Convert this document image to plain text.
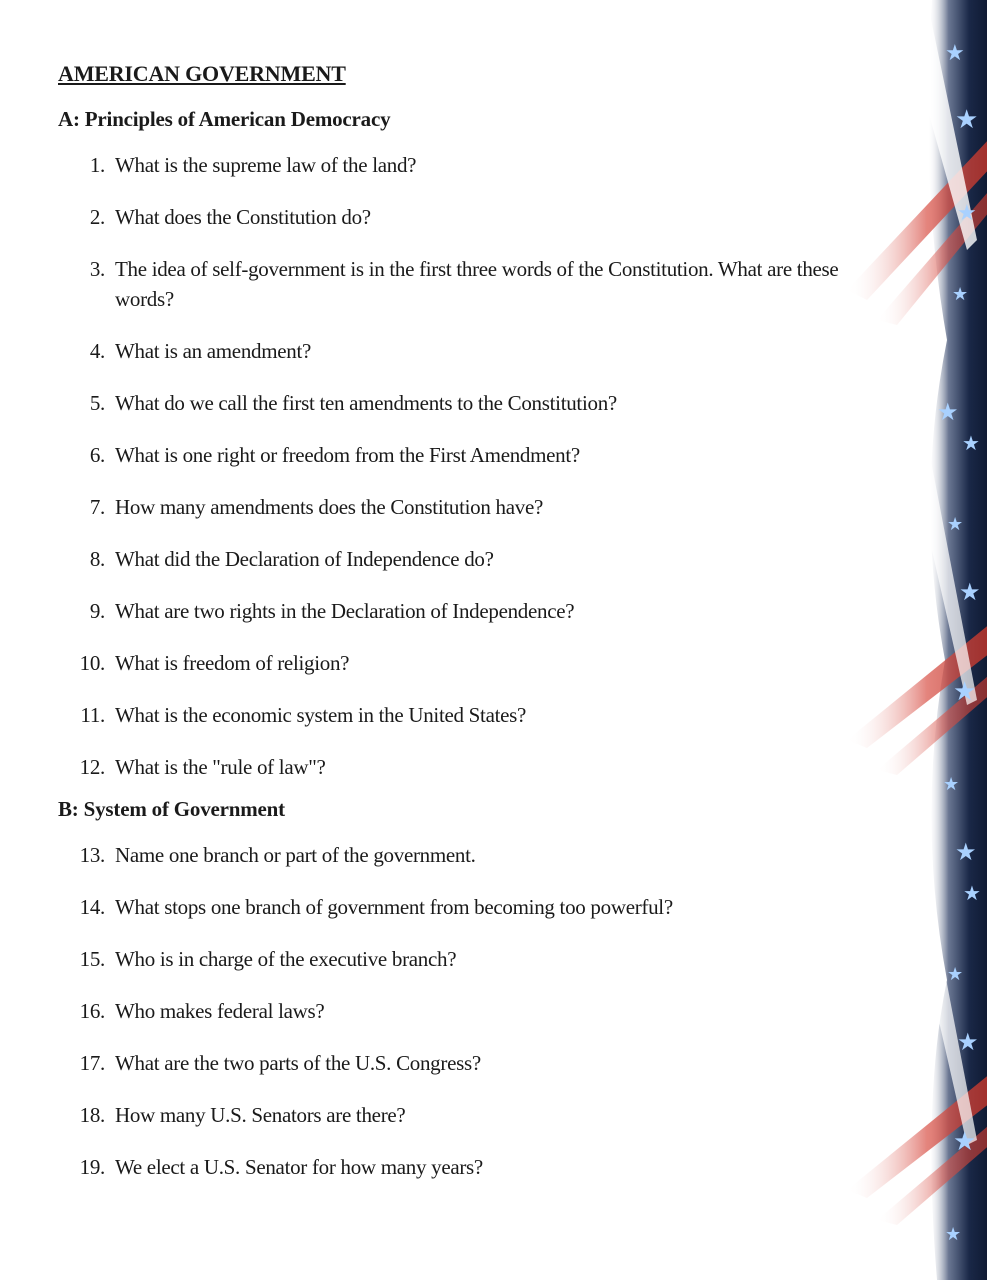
★
★
★
★
★
★
★
★
★
★
★
★
★
★
★
★
AMERICAN GOVERNMENT
A: Principles of American Democracy
1. What is the supreme law of the land?
2. What does the Constitution do?
3. The idea of self-government is in the first three words of the Constitution. What are these words?
4. What is an amendment?
5. What do we call the first ten amendments to the Constitution?
6. What is one right or freedom from the First Amendment?
7. How many amendments does the Constitution have?
8. What did the Declaration of Independence do?
9. What are two rights in the Declaration of Independence?
10. What is freedom of religion?
11. What is the economic system in the United States?
12. What is the "rule of law"?
B: System of Government
13. Name one branch or part of the government.
14. What stops one branch of government from becoming too powerful?
15. Who is in charge of the executive branch?
16. Who makes federal laws?
17. What are the two parts of the U.S. Congress?
18. How many U.S. Senators are there?
19. We elect a U.S. Senator for how many years?
